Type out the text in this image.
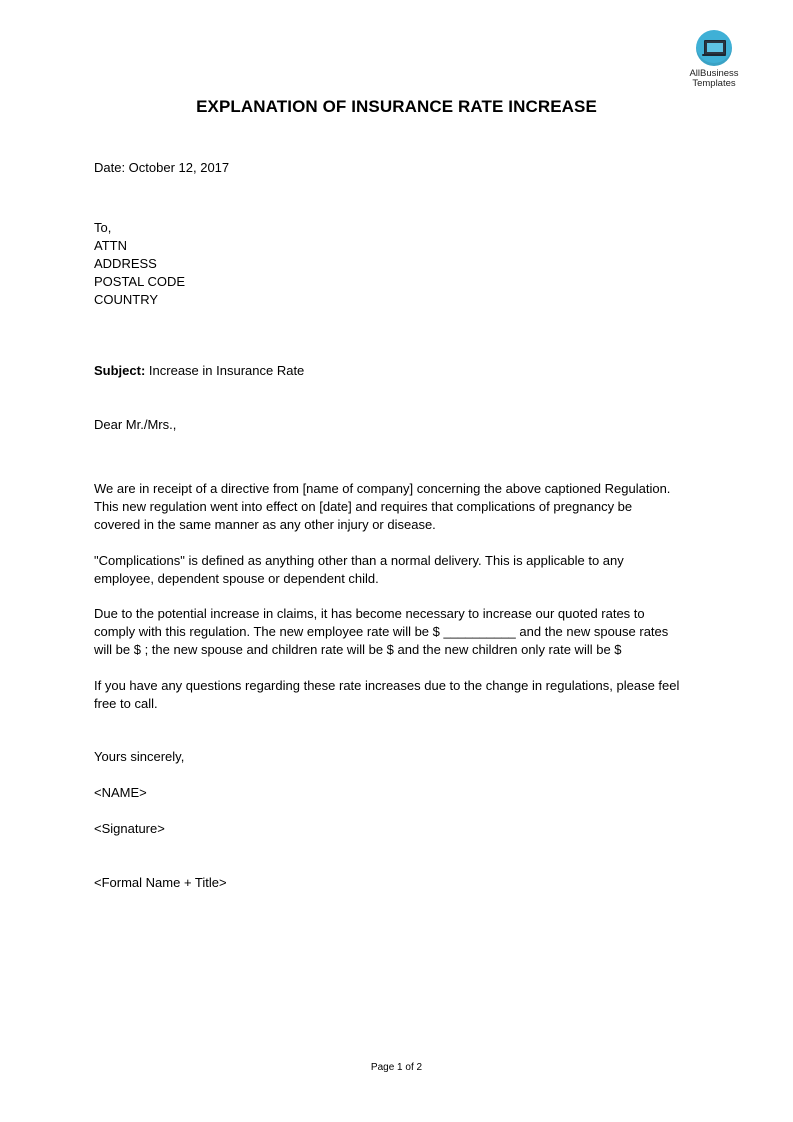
AllBusiness
Templates
EXPLANATION OF INSURANCE RATE INCREASE
Date: October 12, 2017
To,
ATTN
ADDRESS
POSTAL CODE
COUNTRY
Subject: Increase in Insurance Rate
Dear Mr./Mrs.,
We are in receipt of a directive from [name of company] concerning the above captioned Regulation.
This new regulation went into effect on [date] and requires that complications of pregnancy be
covered in the same manner as any other injury or disease.
"Complications" is defined as anything other than a normal delivery. This is applicable to any
employee, dependent spouse or dependent child.
Due to the potential increase in claims, it has become necessary to increase our quoted rates to
comply with this regulation. The new employee rate will be $ __________ and the new spouse rates
will be $ ; the new spouse and children rate will be $ and the new children only rate will be $
If you have any questions regarding these rate increases due to the change in regulations, please feel
free to call.
Yours sincerely,
<NAME>
<Signature>
<Formal Name + Title>
Page 1 of 2
